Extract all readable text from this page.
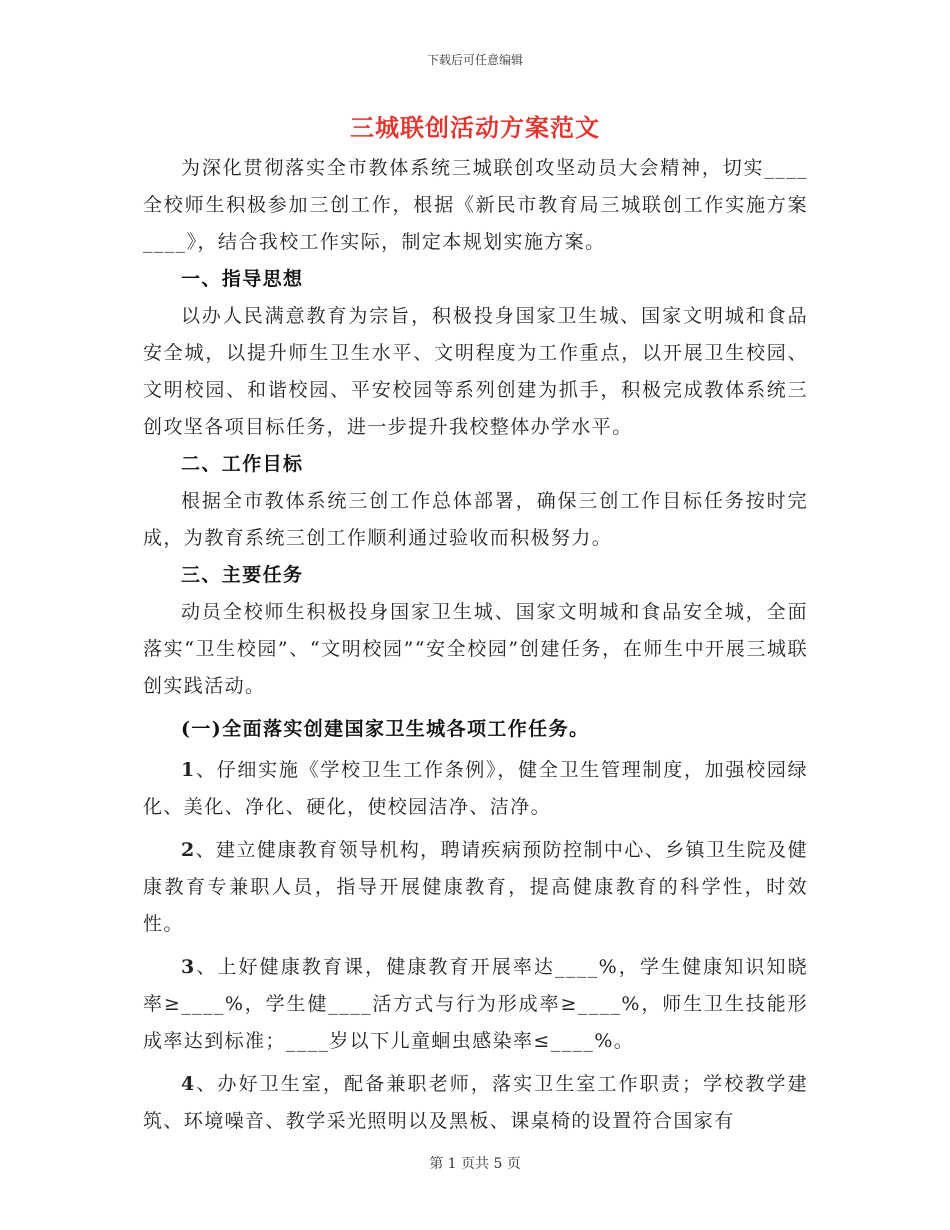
下载后可任意编辑
三城联创活动方案范文

为深化贯彻落实全市教体系统三城联创攻坚动员大会精神，切实____全校师生积极参加三创工作，根据《新民市教育局三城联创工作实施方案____》，结合我校工作实际，制定本规划实施方案。

一、指导思想

以办人民满意教育为宗旨，积极投身国家卫生城、国家文明城和食品安全城，以提升师生卫生水平、文明程度为工作重点，以开展卫生校园、文明校园、和谐校园、平安校园等系列创建为抓手，积极完成教体系统三创攻坚各项目标任务，进一步提升我校整体办学水平。

二、工作目标

根据全市教体系统三创工作总体部署，确保三创工作目标任务按时完成，为教育系统三创工作顺利通过验收而积极努力。

三、主要任务

动员全校师生积极投身国家卫生城、国家文明城和食品安全城，全面落实“卫生校园”、“文明校园”“安全校园”创建任务，在师生中开展三城联创实践活动。

(一)全面落实创建国家卫生城各项工作任务。

1、仔细实施《学校卫生工作条例》，健全卫生管理制度，加强校园绿化、美化、净化、硬化，使校园洁净、洁净。

2、建立健康教育领导机构，聘请疾病预防控制中心、乡镇卫生院及健康教育专兼职人员，指导开展健康教育，提高健康教育的科学性，时效性。

3、上好健康教育课，健康教育开展率达____%，学生健康知识知晓率≥____%，学生健____活方式与行为形成率≥____%，师生卫生技能形成率达到标准；____岁以下儿童蛔虫感染率≤____%。

4、办好卫生室，配备兼职老师，落实卫生室工作职责；学校教学建筑、环境噪音、教学采光照明以及黑板、课桌椅的设置符合国家有

第 1 页共 5 页
